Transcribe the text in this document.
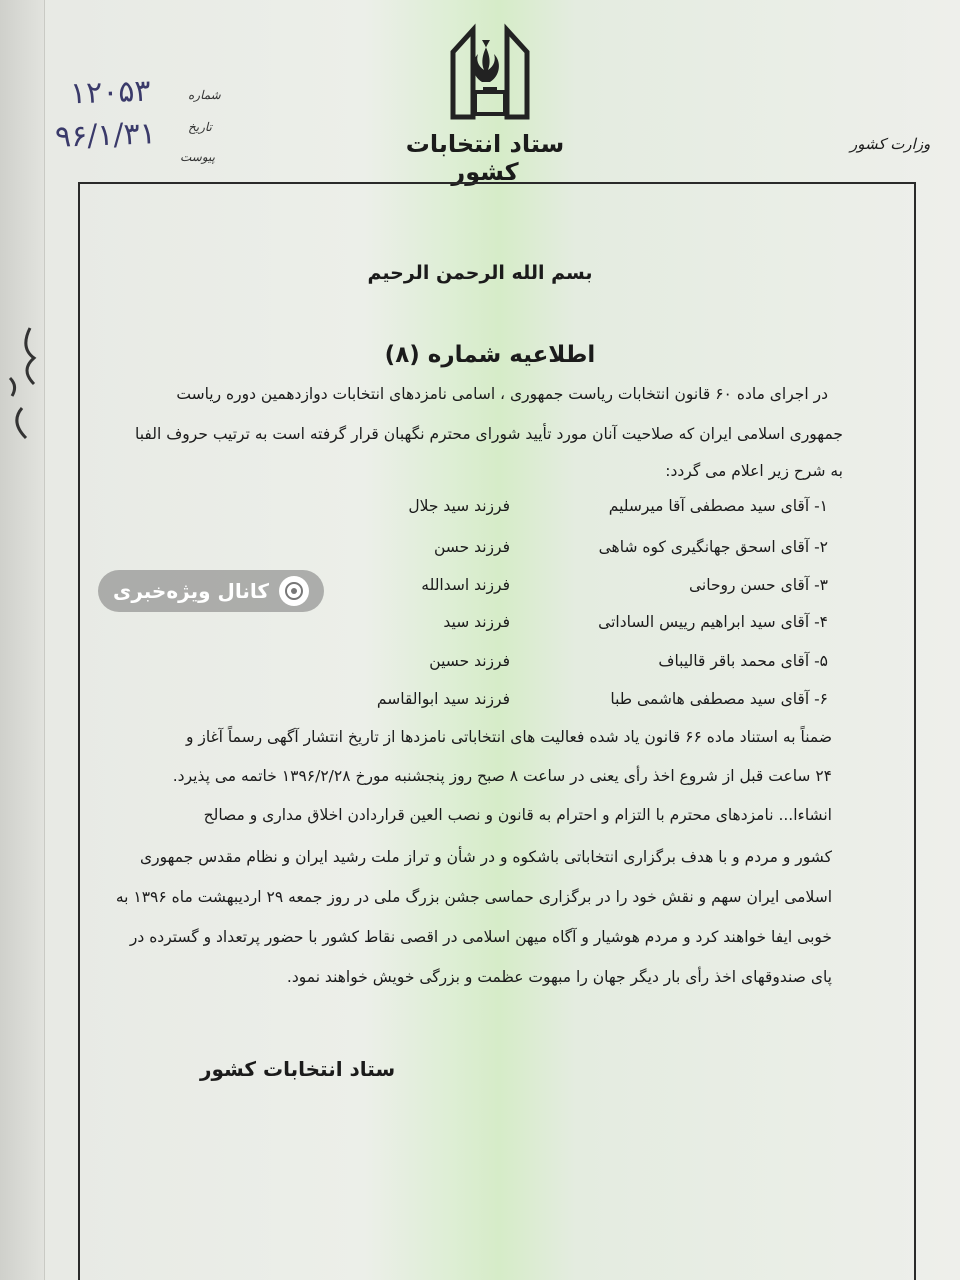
۱۲۰۵۳
۹۶/۱/۳۱
شماره
تاریخ
پیوست	ستاد انتخابات کشور
وزارت کشور
بسم الله الرحمن الرحیم
اطلاعیه شماره (۸)
در اجرای ماده ۶۰ قانون انتخابات ریاست جمهوری ، اسامی نامزدهای انتخابات دوازدهمین دوره ریاست
جمهوری اسلامی ایران که صلاحیت آنان مورد تأیید شورای محترم نگهبان قرار گرفته است به ترتیب حروف الفبا
به شرح زیر اعلام می گردد:
۱- آقای سید مصطفی آقا میرسلیم
فرزند سید جلال
۲- آقای اسحق جهانگیری کوه شاهی
فرزند حسن
۳- آقای حسن روحانی
فرزند اسدالله
۴- آقای سید ابراهیم رییس الساداتی
فرزند سید
۵- آقای محمد باقر قالیباف
فرزند حسین
۶- آقای سید مصطفی هاشمی طبا
فرزند سید ابوالقاسم
ضمناً به استناد ماده ۶۶ قانون یاد شده فعالیت های انتخاباتی نامزدها از تاریخ انتشار آگهی رسماً آغاز و
۲۴ ساعت قبل از شروع اخذ رأی یعنی در ساعت ۸ صبح روز پنجشنبه مورخ ۱۳۹۶/۲/۲۸ خاتمه می پذیرد.
انشاءا... نامزدهای محترم با التزام و احترام به قانون و نصب العین قراردادن اخلاق مداری و مصالح
کشور و مردم و با هدف برگزاری انتخاباتی باشکوه و در شأن و تراز ملت رشید ایران و نظام مقدس جمهوری
اسلامی ایران سهم و نقش خود را در برگزاری حماسی جشن بزرگ ملی در روز جمعه ۲۹ اردیبهشت ماه ۱۳۹۶ به
خوبی ایفا خواهند کرد و مردم هوشیار و آگاه میهن اسلامی در اقصی نقاط کشور با حضور پرتعداد و گسترده در
پای صندوقهای اخذ رأی بار دیگر جهان را مبهوت عظمت و بزرگی خویش خواهند نمود.
ستاد انتخابات کشور
کانال ویژه‌خبری
